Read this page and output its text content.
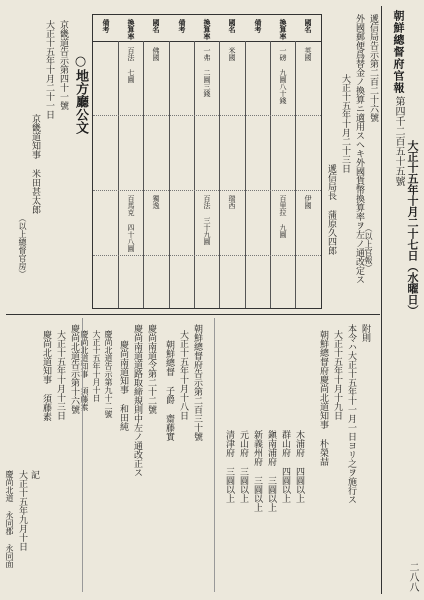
朝鮮總督府官報
第四千二百五十五號 大正十五年十月二十七日（水曜日）
二八八
遞信局告示第二百二十六號
外國郵便爲替金ノ換算ニ適用スヘキ外國貨幣換算率ヲ左ノ通改定ス
大正十五年十月二十三日
遞信局長 蒲原久四郎	（以上官報）
國名
換算率
備考
國名
換算率
備考
國名
換算率
備考
英國
一磅 九圓八十錢
米國
一弗 二圓三錢
佛國
百法 七圓
伊國
百里拉 九圓
瑞西
百法 三十九圓
獨逸
百馬克 四十八圓
○地方廳公文
京畿道告示第四十一號
大正十五年十月二十一日
京畿道知事 米田甚太郎
（以上總督官房）
附則
本令ハ大正十五年十一月一日ヨリ之ヲ施行ス
大正十五年十月十九日
朝鮮總督府慶尚北道知事 朴榮喆
木浦府 四圓以上
群山府 四圓以上
鎭南浦府 三圓以上
新義州府 三圓以上
元山府 三圓以上
清津府 三圓以上
朝鮮總督府告示第二百三十號
大正十五年十月十八日
朝鮮總督 子爵 齋藤實
慶尚南道令第二十二號
慶尚南道道路取締規則中左ノ通改正ス
慶尚南道知事 和田純
慶尚北道告示第九十二號
大正十五年十月十日
慶尚北道知事 須藤素
慶尚北道告示第十六號
大正十五年十月十三日
慶尚北道知事 須藤素
記
大正十五年九月十日
慶尚北道 永同郡 永同面
